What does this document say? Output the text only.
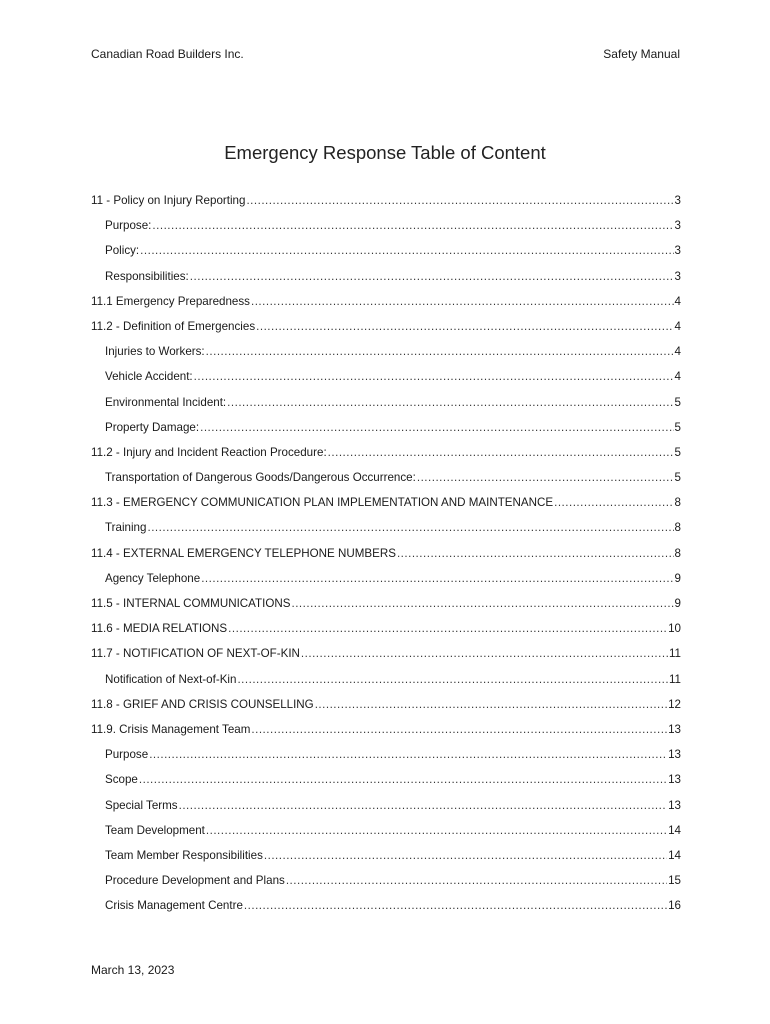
Canadian Road Builders Inc.	Safety Manual
Emergency Response Table of Content
11 - Policy on Injury Reporting .....	3
Purpose: .....	3
Policy: .....	3
Responsibilities: .....	3
11.1 Emergency Preparedness .....	4
11.2 - Definition of Emergencies .....	4
Injuries to Workers: .....	4
Vehicle Accident: .....	4
Environmental Incident: .....	5
Property Damage: .....	5
11.2 - Injury and Incident Reaction Procedure: .....	5
Transportation of Dangerous Goods/Dangerous Occurrence: .....	5
11.3 - EMERGENCY COMMUNICATION PLAN IMPLEMENTATION AND MAINTENANCE .....	8
Training .....	8
11.4 - EXTERNAL EMERGENCY TELEPHONE NUMBERS .....	8
Agency Telephone .....	9
11.5 - INTERNAL COMMUNICATIONS .....	9
11.6 - MEDIA RELATIONS .....	10
11.7 - NOTIFICATION OF NEXT-OF-KIN .....	11
Notification of Next-of-Kin .....	11
11.8 - GRIEF AND CRISIS COUNSELLING .....	12
11.9. Crisis Management Team .....	13
Purpose .....	13
Scope .....	13
Special Terms .....	13
Team Development .....	14
Team Member Responsibilities .....	14
Procedure Development and Plans .....	15
Crisis Management Centre .....	16
March 13, 2023
